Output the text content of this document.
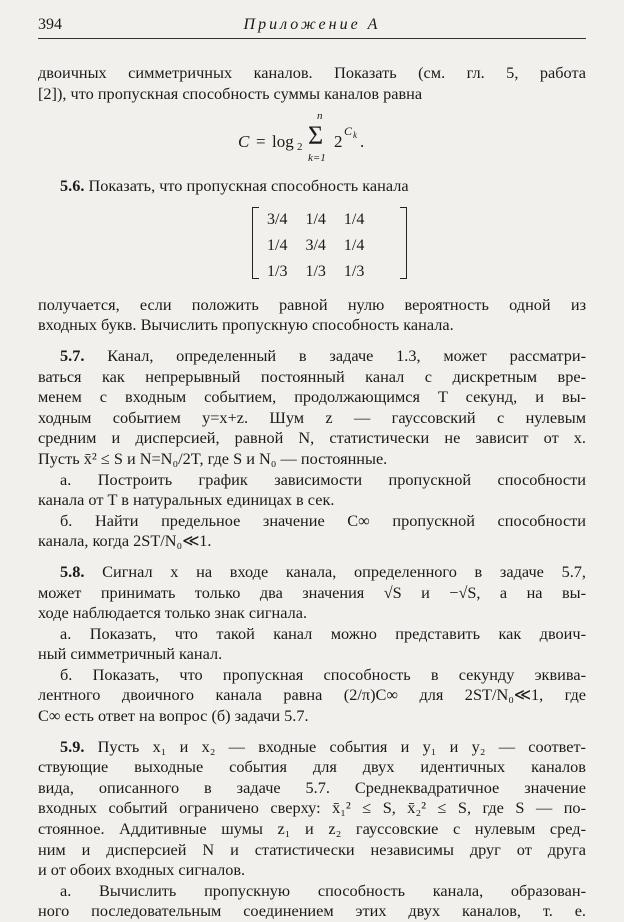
394	Приложение А

двоичных симметричных каналов. Показать (см. гл. 5, работа
[2]), что пропускная способность суммы каналов равна

C = log 2
n
Σ
k=1
2
C k .

5.6. Показать, что пропускная способность канала

3/4	1/4	1/4
1/4	3/4	1/4
1/3	1/3	1/3

получается, если положить равной нулю вероятность одной из
входных букв. Вычислить пропускную способность канала.

5.7. Канал, определенный в задаче 1.3, может рассматри-

ваться как непрерывный постоянный канал с дискретным вре-
менем с входным событием, продолжающимся T секунд, и вы-
ходным событием y=x+z. Шум z — гауссовский с нулевым
средним и дисперсией, равной N, статистически не зависит от x.
Пусть x̄² ≤ S и N=N₀/2T, где S и N₀ — постоянные.

а. Построить график зависимости пропускной способности

канала от T в натуральных единицах в сек.

б. Найти предельное значение C∞ пропускной способности

канала, когда 2ST/N₀≪1.

5.8. Сигнал x на входе канала, определенного в задаче 5.7,

может принимать только два значения √S и −√S, а на вы-
ходе наблюдается только знак сигнала.

а. Показать, что такой канал можно представить как двоич-

ный симметричный канал.

б. Показать, что пропускная способность в секунду эквива-

лентного двоичного канала равна (2/π)C∞ для 2ST/N₀≪1, где
C∞ есть ответ на вопрос (б) задачи 5.7.

5.9. Пусть x₁ и x₂ — входные события и y₁ и y₂ — соответ-

ствующие выходные события для двух идентичных каналов
вида, описанного в задаче 5.7. Среднеквадратичное значение
входных событий ограничено сверху: x̄₁² ≤ S, x̄₂² ≤ S, где S — по-
стоянное. Аддитивные шумы z₁ и z₂ гауссовские с нулевым сред-
ним и дисперсией N и статистически независимы друг от друга
и от обоих входных сигналов.

а. Вычислить пропускную способность канала, образован-

ного последовательным соединением этих двух каналов, т. е.
